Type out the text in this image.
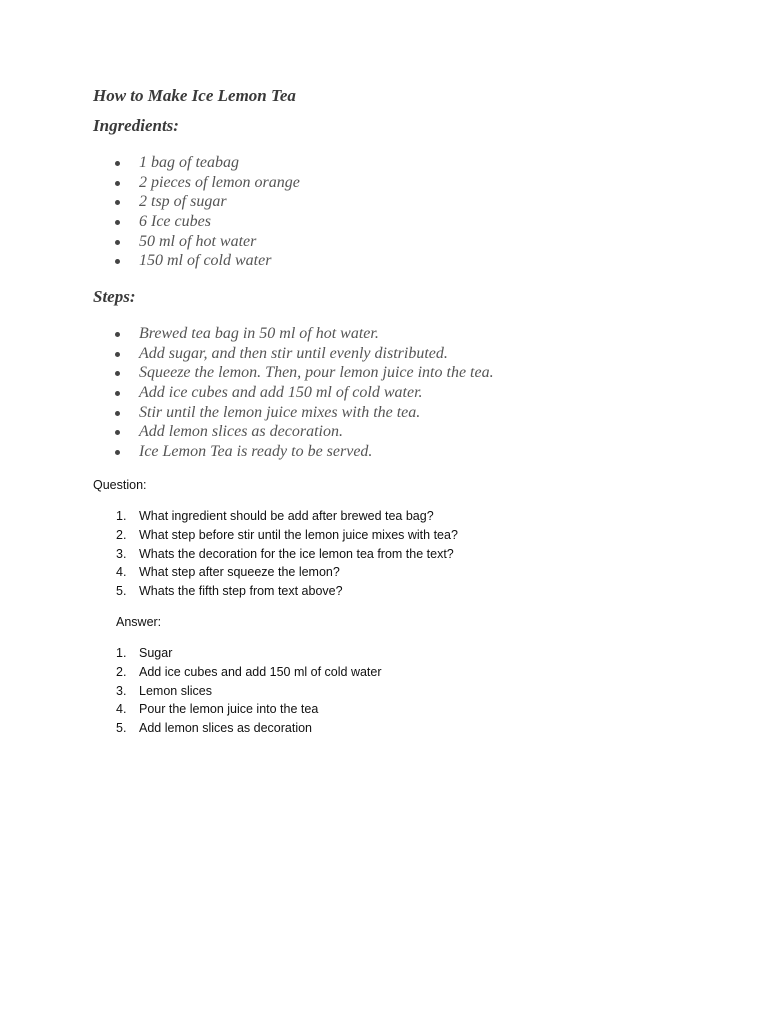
How to Make Ice Lemon Tea
Ingredients:
1 bag of teabag
2 pieces of lemon orange
2 tsp of sugar
6 Ice cubes
50 ml of hot water
150 ml of cold water
Steps:
Brewed tea bag in 50 ml of hot water.
Add sugar, and then stir until evenly distributed.
Squeeze the lemon. Then, pour lemon juice into the tea.
Add ice cubes and add 150 ml of cold water.
Stir until the lemon juice mixes with the tea.
Add lemon slices as decoration.
Ice Lemon Tea is ready to be served.

Question:

1. What ingredient should be add after brewed tea bag?
2. What step before stir until the lemon juice mixes with tea?
3. Whats the decoration for the ice lemon tea from the text?
4. What step after squeeze the lemon?
5. Whats the fifth step from text above?

Answer:

1. Sugar
2. Add ice cubes and add 150 ml of cold water
3. Lemon slices
4. Pour the lemon juice into the tea
5. Add lemon slices as decoration
